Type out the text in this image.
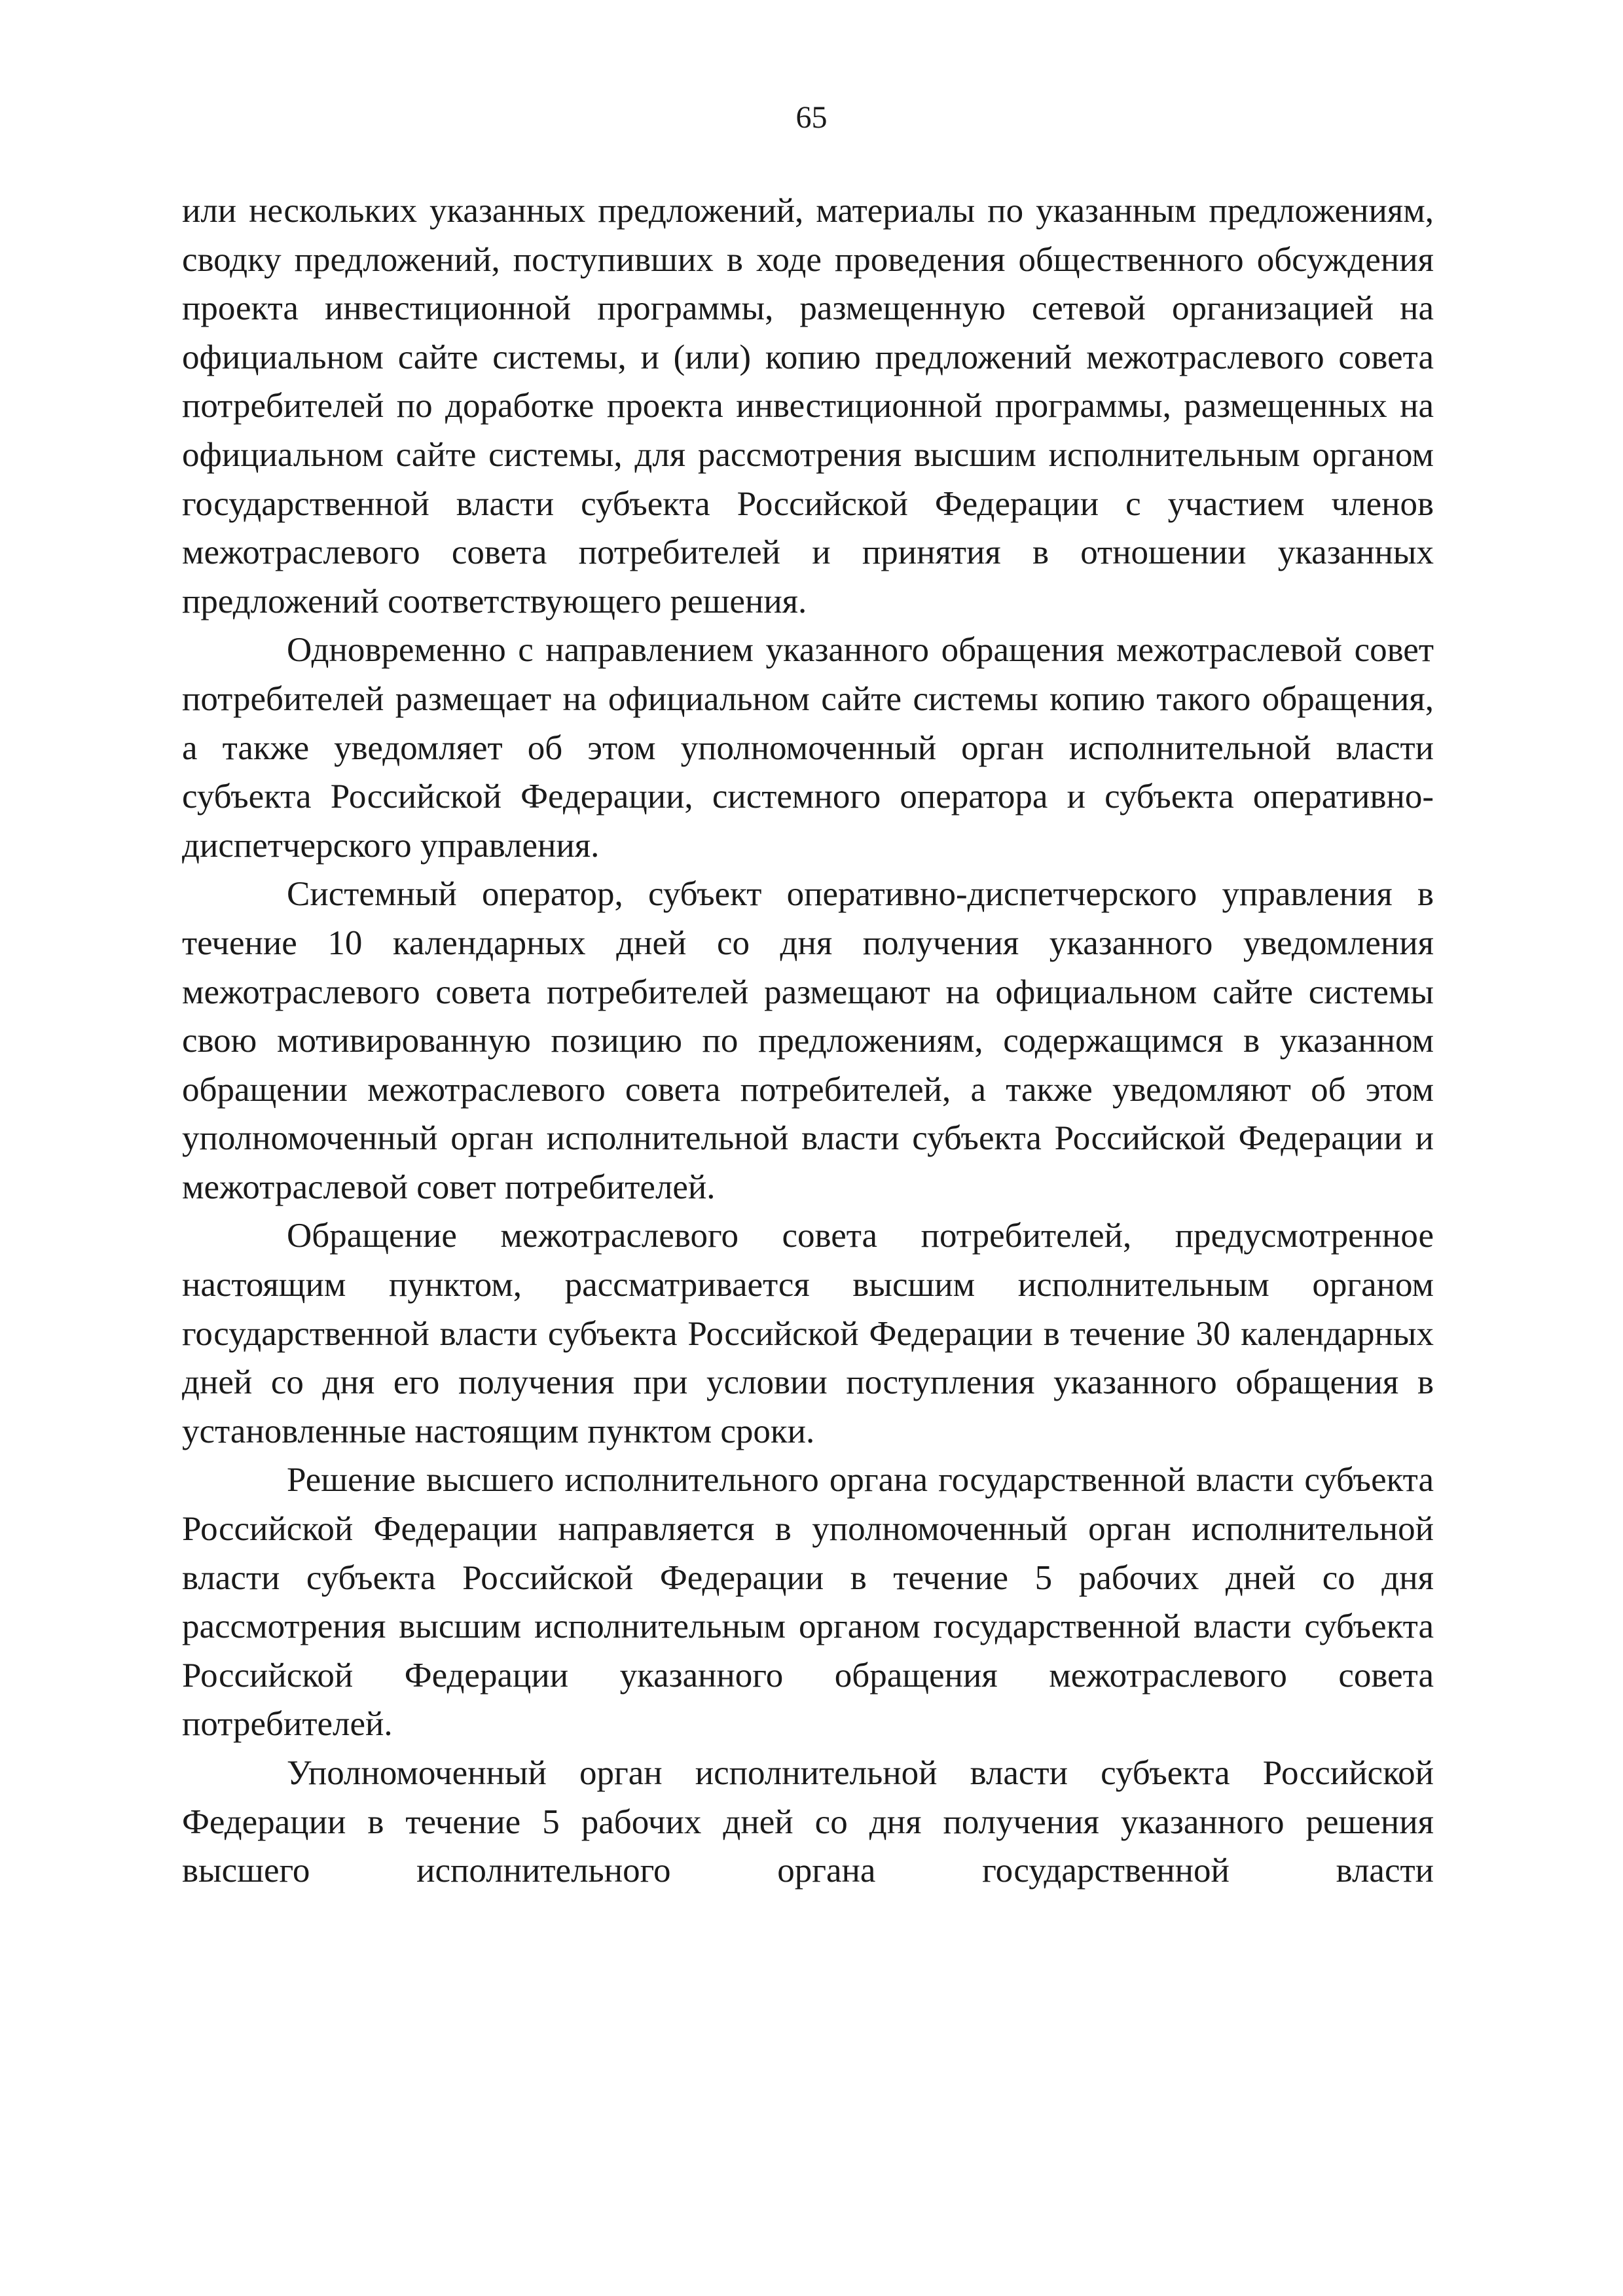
65

или нескольких указанных предложений, материалы по указанным предложениям, сводку предложений, поступивших в ходе проведения общественного обсуждения проекта инвестиционной программы, размещенную сетевой организацией на официальном сайте системы, и (или) копию предложений межотраслевого совета потребителей по доработке проекта инвестиционной программы, размещенных на официальном сайте системы, для рассмотрения высшим исполнительным органом государственной власти субъекта Российской Федерации с участием членов межотраслевого совета потребителей и принятия в отношении указанных предложений соответствующего решения.

Одновременно с направлением указанного обращения межотраслевой совет потребителей размещает на официальном сайте системы копию такого обращения, а также уведомляет об этом уполномоченный орган исполнительной власти субъекта Российской Федерации, системного оператора и субъекта оперативно-диспетчерского управления.

Системный оператор, субъект оперативно-диспетчерского управления в течение 10 календарных дней со дня получения указанного уведомления межотраслевого совета потребителей размещают на официальном сайте системы свою мотивированную позицию по предложениям, содержащимся в указанном обращении межотраслевого совета потребителей, а также уведомляют об этом уполномоченный орган исполнительной власти субъекта Российской Федерации и межотраслевой совет потребителей.

Обращение межотраслевого совета потребителей, предусмотренное настоящим пунктом, рассматривается высшим исполнительным органом государственной власти субъекта Российской Федерации в течение 30 календарных дней со дня его получения при условии поступления указанного обращения в установленные настоящим пунктом сроки.

Решение высшего исполнительного органа государственной власти субъекта Российской Федерации направляется в уполномоченный орган исполнительной власти субъекта Российской Федерации в течение 5 рабочих дней со дня рассмотрения высшим исполнительным органом государственной власти субъекта Российской Федерации указанного обращения межотраслевого совета потребителей.

Уполномоченный орган исполнительной власти субъекта Российской Федерации в течение 5 рабочих дней со дня получения указанного решения высшего исполнительного органа государственной власти
